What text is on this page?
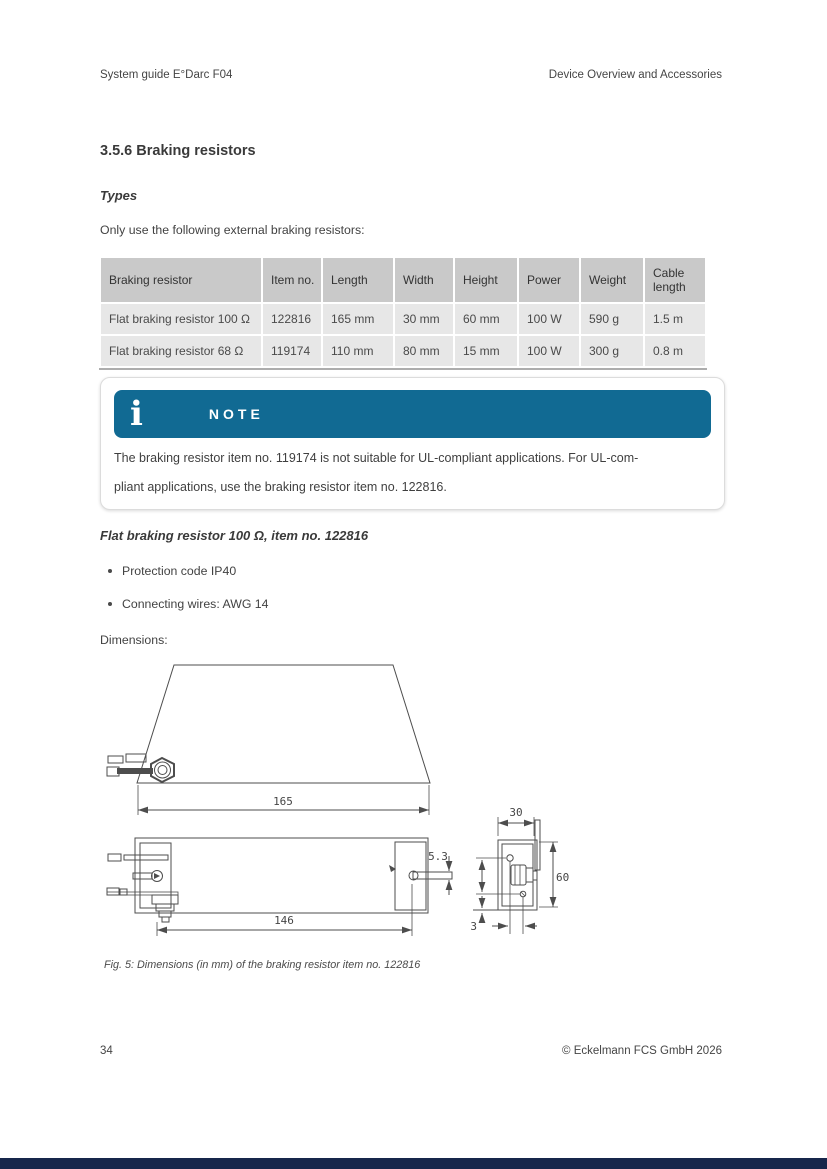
System guide E°Darc F04	Device Overview and Accessories
3.5.6 Braking resistors
Types
Only use the following external braking resistors:
Braking resistor	Item no.	Length	Width	Height	Power	Weight	Cable length
Flat braking resistor 100 Ω	122816	165 mm	30 mm	60 mm	100 W	590 g	1.5 m
Flat braking resistor 68 Ω	119174	110 mm	80 mm	15 mm	100 W	300 g	0.8 m
i	NOTE
The braking resistor item no. 119174 is not suitable for UL-compliant applications. For UL-com-
pliant applications, use the braking resistor item no. 122816.
Flat braking resistor 100 Ω, item no. 122816
Protection code IP40
Connecting wires: AWG 14
Dimensions:
165
146
5.3
30
60
3
Fig. 5: Dimensions (in mm) of the braking resistor item no. 122816
34	© Eckelmann FCS GmbH 2026
